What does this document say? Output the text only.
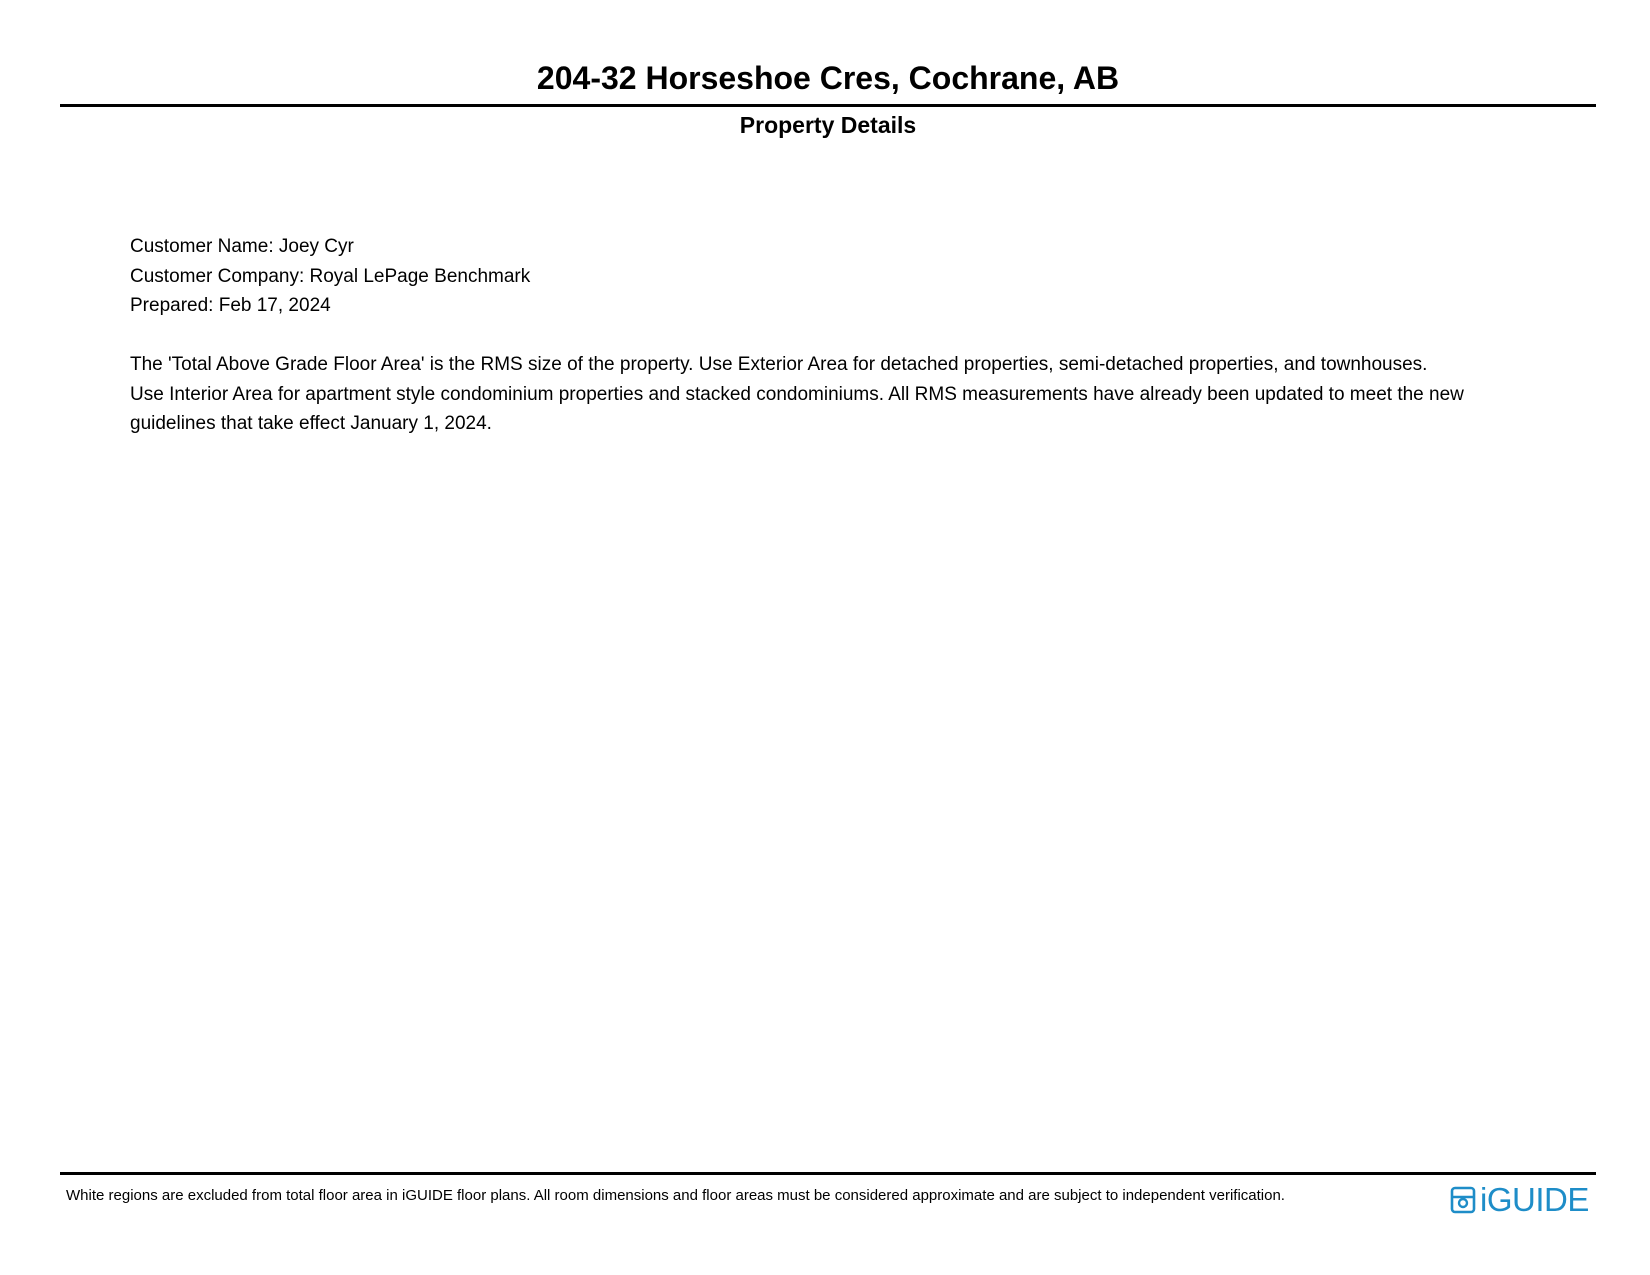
204-32 Horseshoe Cres, Cochrane, AB
Property Details
Customer Name: Joey Cyr
Customer Company: Royal LePage Benchmark
Prepared: Feb 17, 2024
The 'Total Above Grade Floor Area' is the RMS size of the property. Use Exterior Area for detached properties, semi-detached properties, and townhouses.
Use Interior Area for apartment style condominium properties and stacked condominiums. All RMS measurements have already been updated to meet the new
guidelines that take effect January 1, 2024.
White regions are excluded from total floor area in iGUIDE floor plans. All room dimensions and floor areas must be considered approximate and are subject to independent verification.	iGUIDE
